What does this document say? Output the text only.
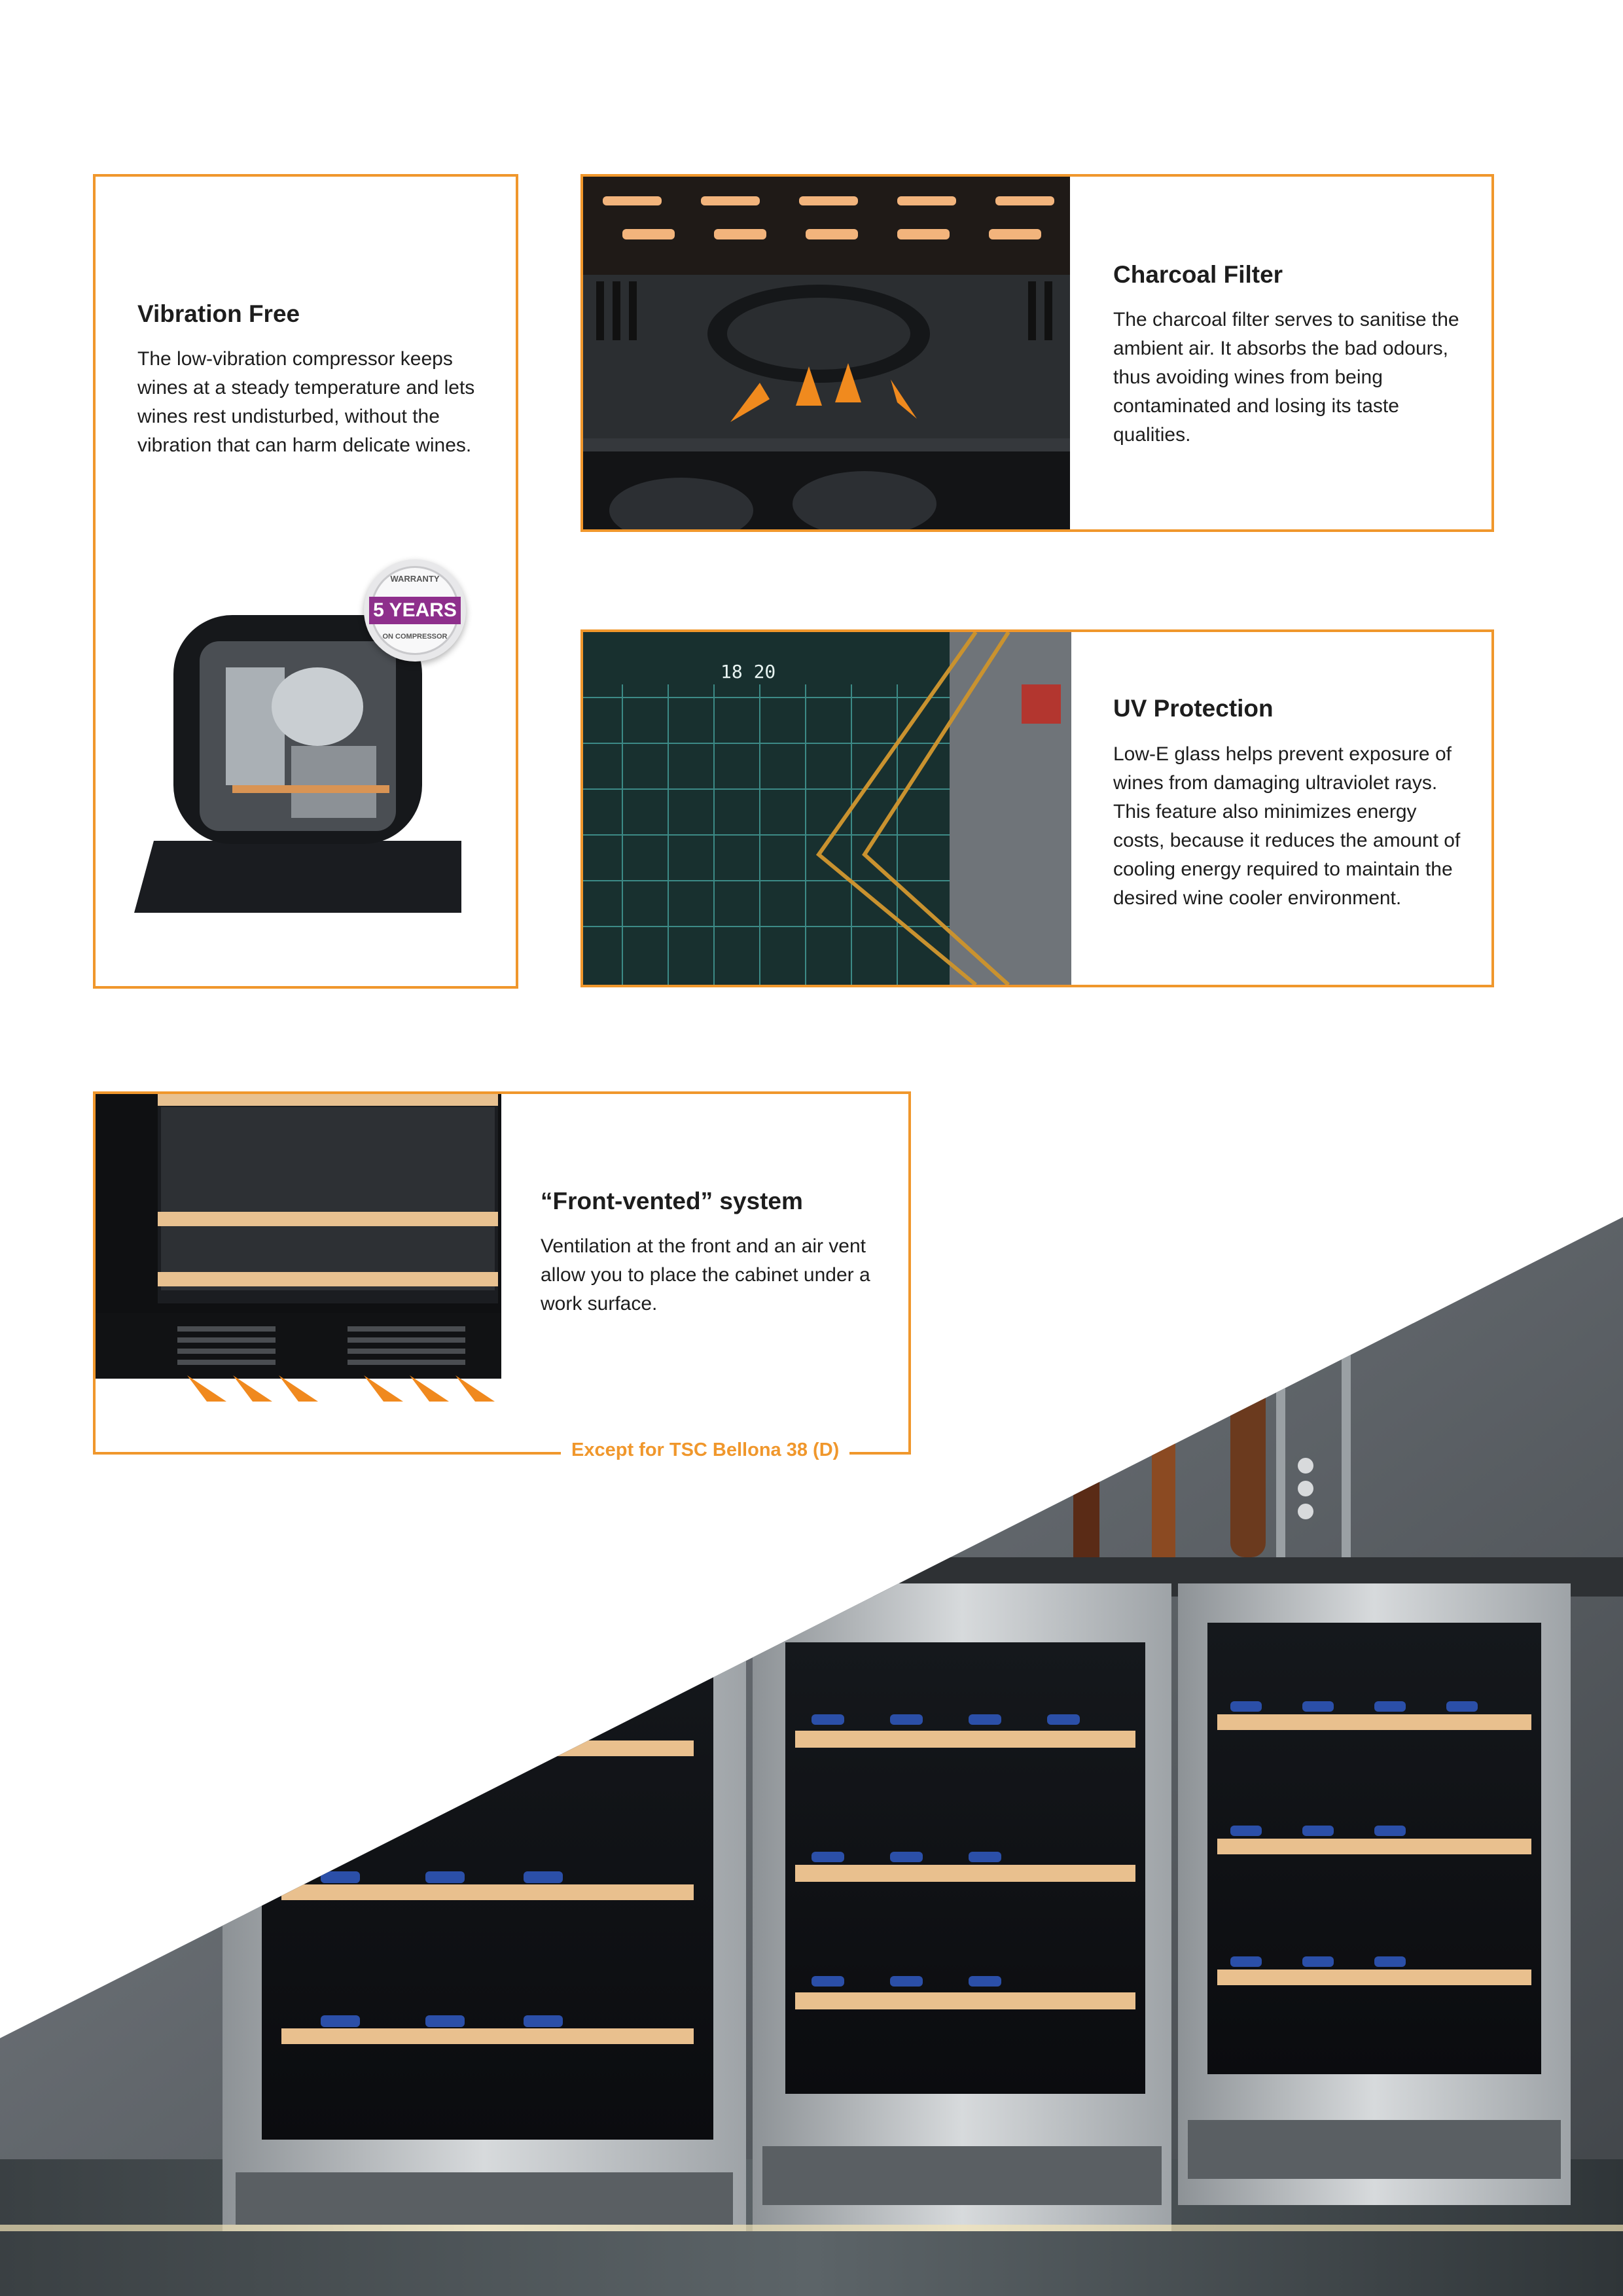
Vibration Free

The low-vibration compressor keeps wines at a steady temperature and lets wines rest undisturbed, without the vibration that can harm delicate wines.

WARRANTY
5 YEARS
ON COMPRESSOR
Charcoal Filter

The charcoal filter serves to sanitise the ambient air. It absorbs the bad odours, thus avoiding wines from being contaminated and losing its taste qualities.

18 20
UV Protection

Low-E glass helps prevent exposure of wines from damaging ultraviolet rays. This feature also minimizes energy costs, because it reduces the amount of cooling energy required to maintain the desired wine cooler environment.

“Front-vented” system

Ventilation at the front and an air vent allow you to place the cabinet under a work surface.

Except for TSC Bellona 38 (D)
